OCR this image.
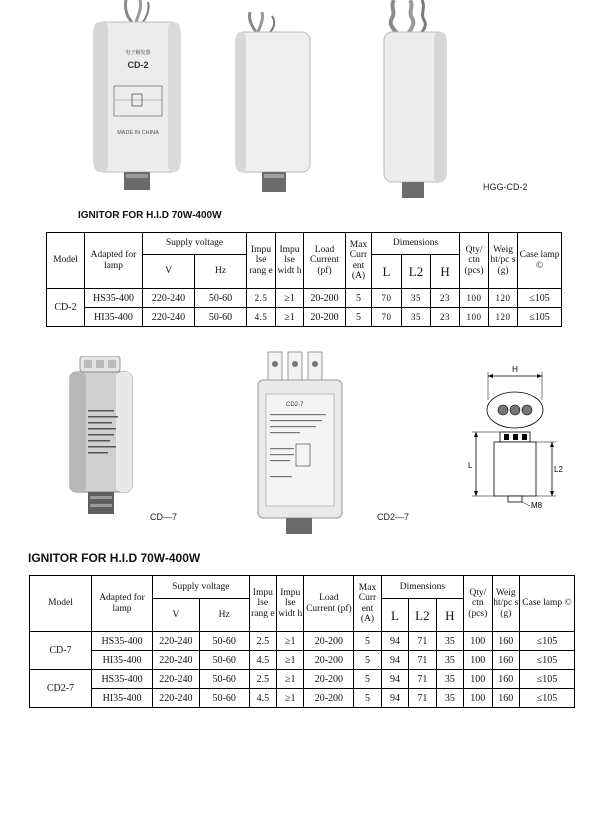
电子触发器
CD-2
MADE IN CHINA
HGG-CD-2
IGNITOR FOR H.I.D 70W-400W
Model	Adapted for lamp	Supply voltage		Impu lse rang e	Impu lse widt h	Load Current (pf)	Max Curr ent (A)	Dimensions			Qty/ ctn (pcs)	Weig ht/pc s (g)	Case lamp ©
		V	Hz					L	L2	H			
CD-2	HS35-400	220-240	50-60	2.5	≥1	20-200	5	70	35	23	100	120	≤105
	HI35-400	220-240	50-60	4.5	≥1	20-200	5	70	35	23	100	120	≤105
CD—7
CD2-7
CD2—7
H
L	L2
M8
IGNITOR FOR H.I.D 70W-400W
Model	Adapted for lamp	Supply voltage		Impu lse rang e	Impu lse widt h	Load Current (pf)	Max Curr ent (A)	Dimensions			Qty/ ctn (pcs)	Weig ht/pc s (g)	Case lamp ©
		V	Hz					L	L2	H			
CD-7	HS35-400	220-240	50-60	2.5	≥1	20-200	5	94	71	35	100	160	≤105
	HI35-400	220-240	50-60	4.5	≥1	20-200	5	94	71	35	100	160	≤105
CD2-7	HS35-400	220-240	50-60	2.5	≥1	20-200	5	94	71	35	100	160	≤105
	HI35-400	220-240	50-60	4.5	≥1	20-200	5	94	71	35	100	160	≤105
